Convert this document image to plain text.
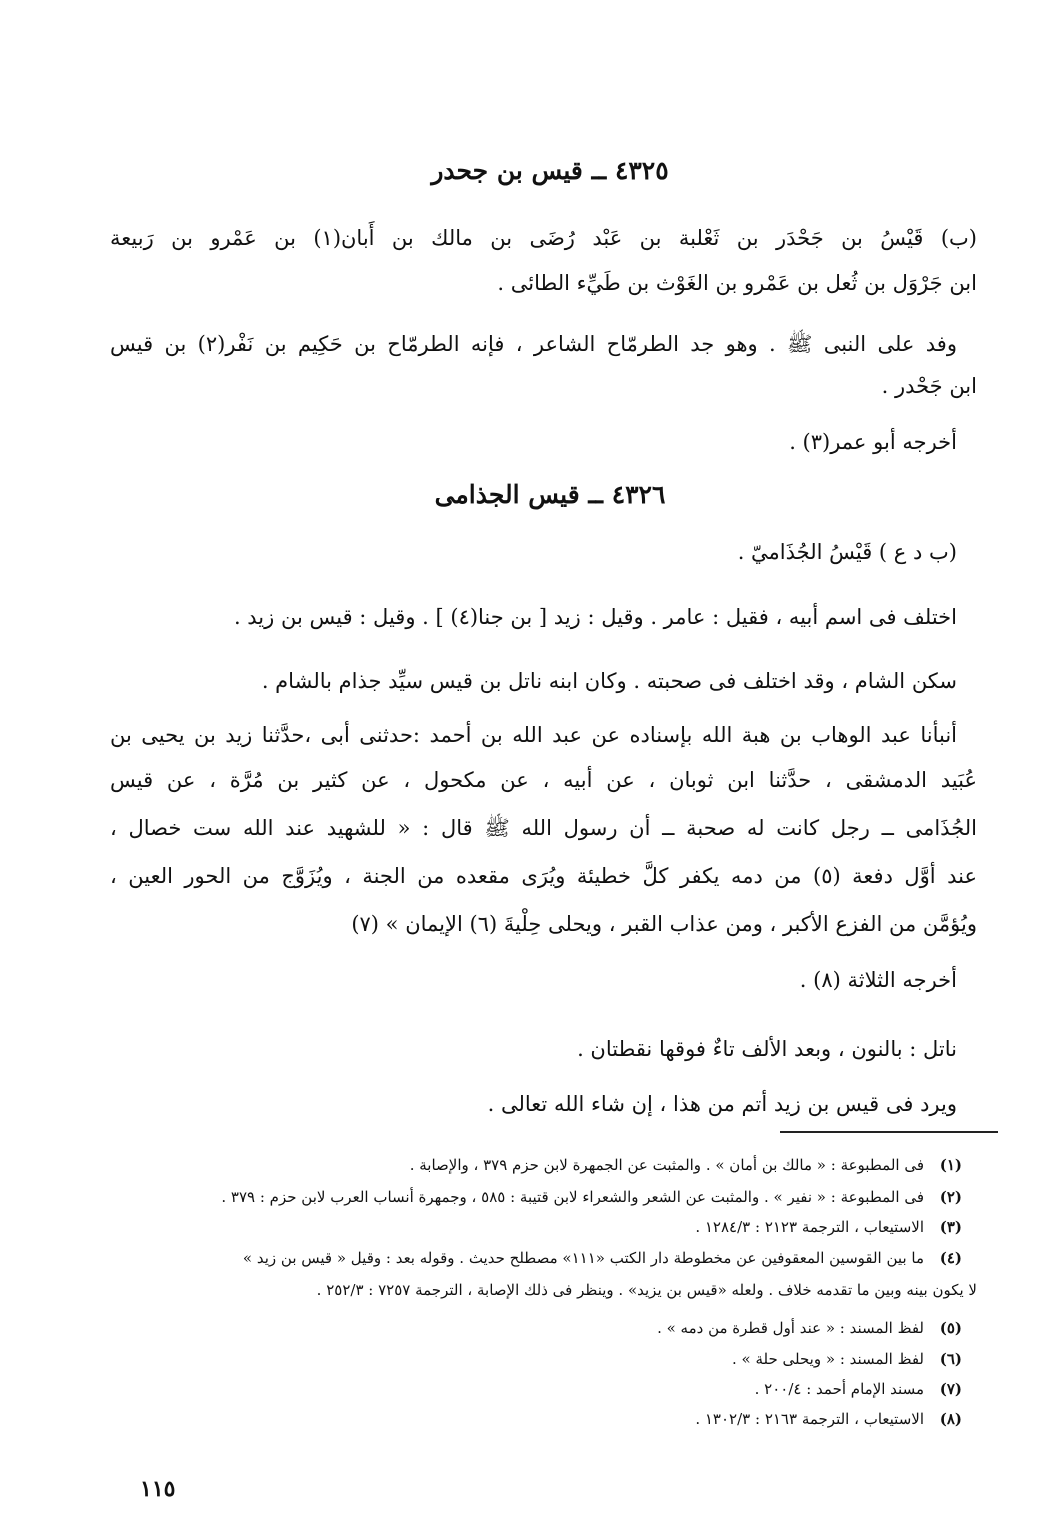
٤٣٢٥ ــ قيس بن جحدر
(ب) قَيْسُ بن جَحْدَر بن ثَعْلبة بن عَبْد رُضَى بن مالك بن أَبان(١) بن عَمْرو بن رَبيعة
ابن جَرْوَل بن ثُعل بن عَمْرو بن الغَوْث بن طَيِّء الطائى .
وفد على النبى ﷺ . وهو جد الطرمّاح الشاعر ، فإنه الطرمّاح بن حَكِيم بن نَفْر(٢) بن قيس
ابن جَحْدر .
أخرجه أبو عمر(٣) .
٤٣٢٦ ــ قيس الجذامى
(ب د ع ) قَيْسُ الجُذَاميّ .
اختلف فى اسم أبيه ، فقيل : عامر . وقيل : زيد [ بن جنا(٤) ] . وقيل : قيس بن زيد .
سكن الشام ، وقد اختلف فى صحبته . وكان ابنه ناتل بن قيس سيِّد جذام بالشام .
أنبأنا عبد الوهاب بن هبة الله بإسناده عن عبد الله بن أحمد :حدثنى أبى ،حدَّثنا زيد بن يحيى بن
عُبَيد الدمشقى ، حدَّثنا ابن ثوبان ، عن أبيه ، عن مكحول ، عن كثير بن مُرَّة ، عن قيس
الجُذَامى ــ رجل كانت له صحبة ــ أن رسول الله ﷺ قال : « للشهيد عند الله ست خصال ،
عند أوَّل دفعة (٥) من دمه يكفر كلَّ خطيئة ويُرَى مقعده من الجنة ، ويُزَوَّج من الحور العين ،
ويُؤمَّن من الفزع الأكبر ، ومن عذاب القبر ، ويحلى حِلْيةَ (٦) الإيمان » (٧)
أخرجه الثلاثة (٨) .
ناتل : بالنون ، وبعد الألف تاءٌ فوقها نقطتان .
ويرد فى قيس بن زيد أتم من هذا ، إن شاء الله تعالى .
(١)فى المطبوعة : « مالك بن أمان » . والمثبت عن الجمهرة لابن حزم ٣٧٩ ، والإصابة .
(٢)فى المطبوعة : « نفير » . والمثبت عن الشعر والشعراء لابن قتيبة : ٥٨٥ ، وجمهرة أنساب العرب لابن حزم : ٣٧٩ .
(٣)الاستيعاب ، الترجمة ٢١٢٣ : ١٢٨٤/٣ .
(٤)ما بين القوسين المعقوفين عن مخطوطة دار الكتب «١١١» مصطلح حديث . وقوله بعد : وقيل « قيس بن زيد »
لا يكون بينه وبين ما تقدمه خلاف . ولعله «قيس بن يزيد» . وينظر فى ذلك الإصابة ، الترجمة ٧٢٥٧ : ٢٥٢/٣ .
(٥)لفظ المسند : « عند أول قطرة من دمه » .
(٦)لفظ المسند : « ويحلى حلة » .
(٧)مسند الإمام أحمد : ٢٠٠/٤ .
(٨)الاستيعاب ، الترجمة ٢١٦٣ : ١٣٠٢/٣ .
١١٥
